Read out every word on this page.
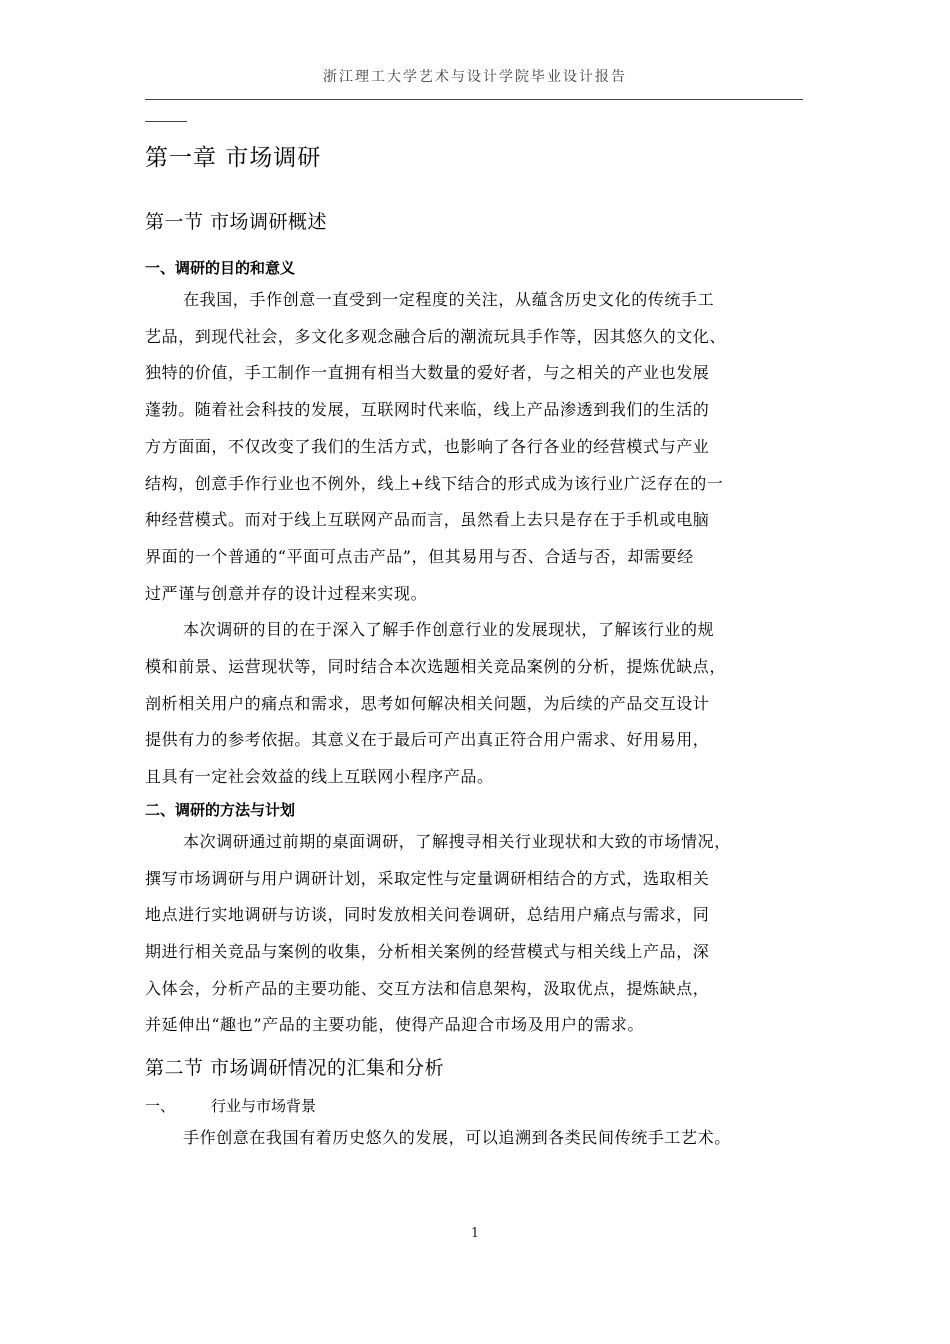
浙江理工大学艺术与设计学院毕业设计报告
第一章 市场调研
第一节 市场调研概述
一、调研的目的和意义

在我国，手作创意一直受到一定程度的关注，从蕴含历史文化的传统手工
艺品，到现代社会，多文化多观念融合后的潮流玩具手作等，因其悠久的文化、
独特的价值，手工制作一直拥有相当大数量的爱好者，与之相关的产业也发展
蓬勃。随着社会科技的发展，互联网时代来临，线上产品渗透到我们的生活的
方方面面，不仅改变了我们的生活方式，也影响了各行各业的经营模式与产业
结构，创意手作行业也不例外，线上+线下结合的形式成为该行业广泛存在的一
种经营模式。而对于线上互联网产品而言，虽然看上去只是存在于手机或电脑
界面的一个普通的“平面可点击产品”，但其易用与否、合适与否，却需要经
过严谨与创意并存的设计过程来实现。

本次调研的目的在于深入了解手作创意行业的发展现状，了解该行业的规
模和前景、运营现状等，同时结合本次选题相关竞品案例的分析，提炼优缺点，
剖析相关用户的痛点和需求，思考如何解决相关问题，为后续的产品交互设计
提供有力的参考依据。其意义在于最后可产出真正符合用户需求、好用易用，
且具有一定社会效益的线上互联网小程序产品。

二、调研的方法与计划

本次调研通过前期的桌面调研，了解搜寻相关行业现状和大致的市场情况，
撰写市场调研与用户调研计划，采取定性与定量调研相结合的方式，选取相关
地点进行实地调研与访谈，同时发放相关问卷调研，总结用户痛点与需求，同
期进行相关竞品与案例的收集，分析相关案例的经营模式与相关线上产品，深
入体会，分析产品的主要功能、交互方法和信息架构，汲取优点，提炼缺点，
并延伸出“趣也”产品的主要功能，使得产品迎合市场及用户的需求。

第二节 市场调研情况的汇集和分析
一、 行业与市场背景

手作创意在我国有着历史悠久的发展，可以追溯到各类民间传统手工艺术。

1
